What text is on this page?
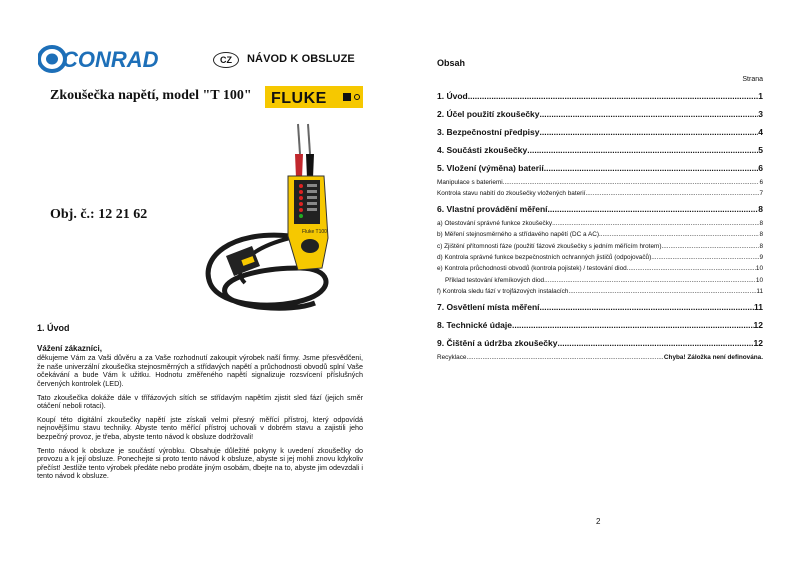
CONRAD	CZ	NÁVOD K OBSLUZE
Zkoušečka napětí, model "T 100" FLUKE
Obj. č.: 12 21 62
Fluke T100
1. Úvod
Vážení zákazníci,

děkujeme Vám za Vaši důvěru a za Vaše rozhodnutí zakoupit výrobek naší firmy. Jsme přesvědčeni, že naše univerzální zkoušečka stejnosměrných a střídavých napětí a průchodnosti obvodů splní Vaše očekávání a bude Vám k užitku. Hodnotu změřeného napětí signalizuje rozsvícení příslušných červených kontrolek (LED).

Tato zkoušečka dokáže dále v třífázových sítích se střídavým napětím zjistit sled fází (jejich směr otáčení neboli rotaci).

Koupí této digitální zkoušečky napětí jste získali velmi přesný měřící přístroj, který odpovídá nejnovějšímu stavu techniky. Abyste tento měřící přístroj uchovali v dobrém stavu a zajistili jeho bezpečný provoz, je třeba, abyste tento návod k obsluze dodržovali!

Tento návod k obsluze je součástí výrobku. Obsahuje důležité pokyny k uvedení zkoušečky do provozu a k její obsluze. Ponechejte si proto tento návod k obsluze, abyste si jej mohli znovu kdykoliv přečíst! Jestliže tento výrobek předáte nebo prodáte jiným osobám, dbejte na to, abyste jim odevzdali i tento návod k obsluze.

Obsah
Strana
1. Úvod .....	1
2. Účel použití zkoušečky .....	3
3. Bezpečnostní předpisy .....	4
4. Součásti zkoušečky .....	5
5. Vložení (výměna) baterií .....	6
Manipulace s bateriemi .....	6
Kontrola stavu nabití do zkoušečky vložených baterií .....	7
6. Vlastní provádění měření .....	8
a) Otestování správné funkce zkoušečky .....	8
b) Měření stejnosměrného a střídavého napětí (DC a AC) .....	8
c) Zjištění přítomnosti fáze (použití fázové zkoušečky s jedním měřícím hrotem) .....	8
d) Kontrola správné funkce bezpečnostních ochranných jističů (odpojovačů) .....	9
e) Kontrola průchodnosti obvodů (kontrola pojistek) / testování diod .....	10
Příklad testování křemíkových diod .....	10
f) Kontrola sledu fází v trojfázových instalacích .....	11
7. Osvětlení místa měření .....	11
8. Technické údaje .....	12
9. Čištění a údržba zkoušečky .....	12
Recyklace .....	Chyba! Záložka není definována.
2
